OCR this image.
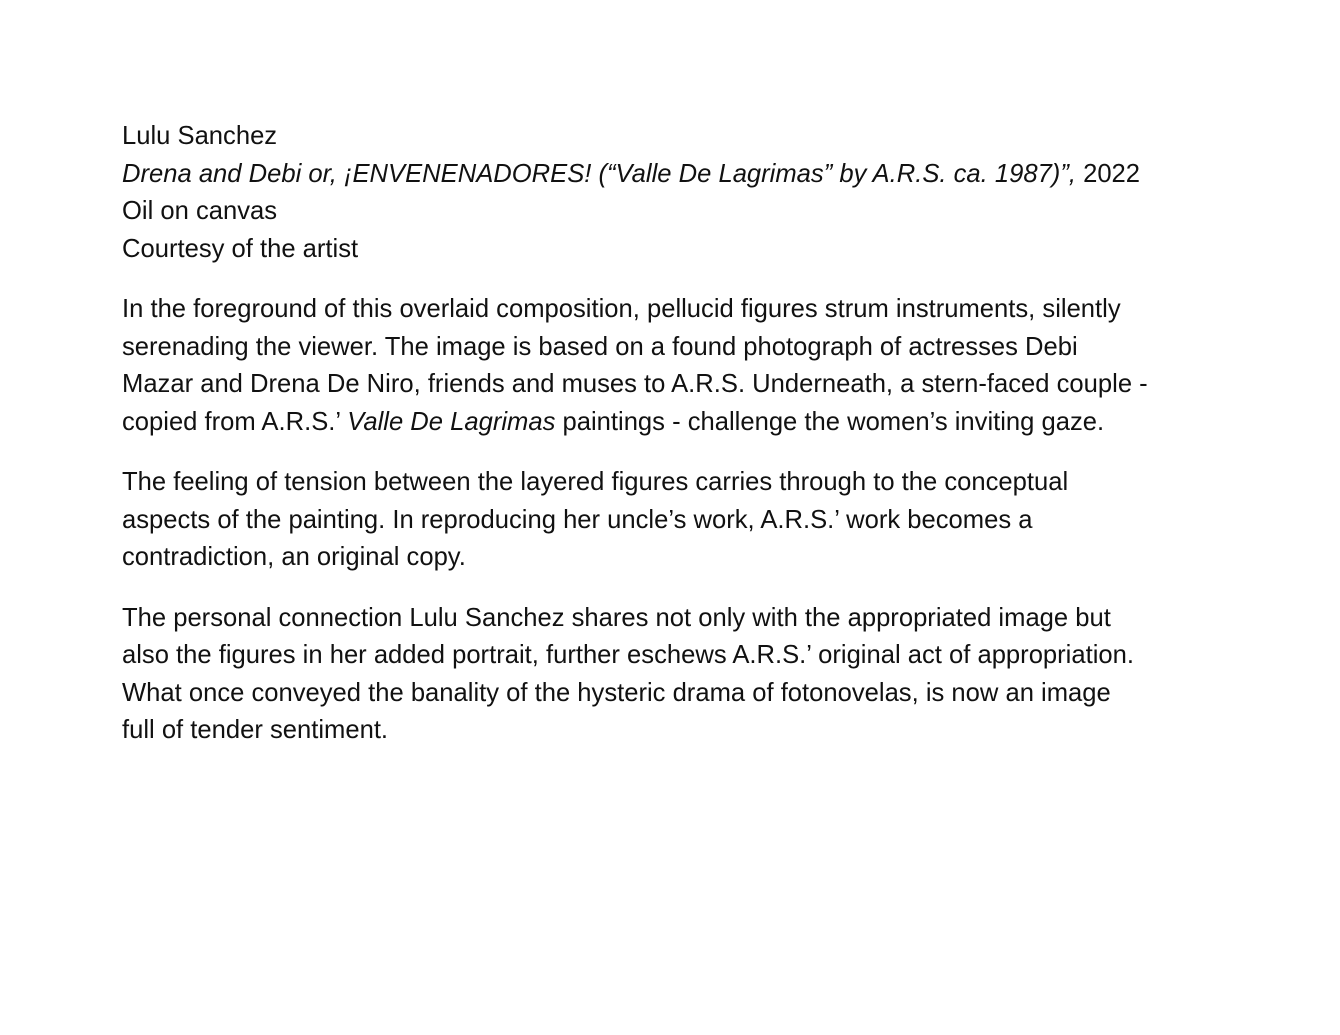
Lulu Sanchez
Drena and Debi or, ¡ENVENENADORES! (“Valle De Lagrimas” by A.R.S. ca. 1987)”, 2022
Oil on canvas
Courtesy of the artist
In the foreground of this overlaid composition, pellucid figures strum instruments, silently
serenading the viewer. The image is based on a found photograph of actresses Debi
Mazar and Drena De Niro, friends and muses to A.R.S. Underneath, a stern-faced couple -
copied from A.R.S.’ Valle De Lagrimas paintings - challenge the women’s inviting gaze.
The feeling of tension between the layered figures carries through to the conceptual
aspects of the painting. In reproducing her uncle’s work, A.R.S.’ work becomes a
contradiction, an original copy.
The personal connection Lulu Sanchez shares not only with the appropriated image but
also the figures in her added portrait, further eschews A.R.S.’ original act of appropriation.
What once conveyed the banality of the hysteric drama of fotonovelas, is now an image
full of tender sentiment.
